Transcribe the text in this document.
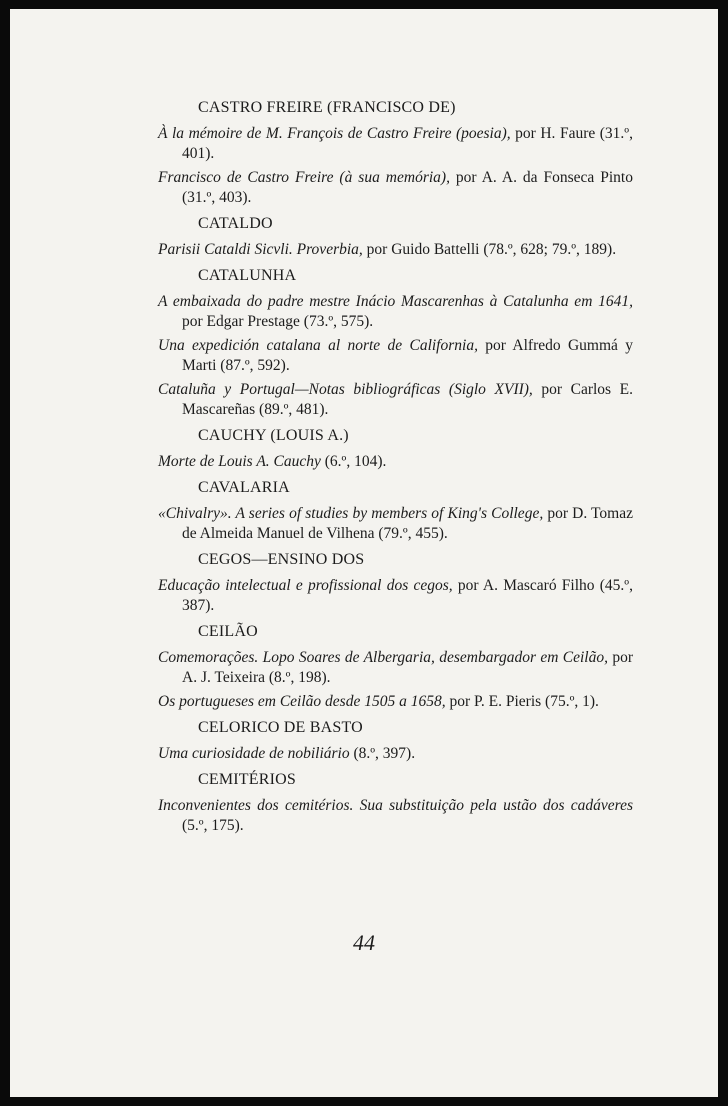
CASTRO FREIRE (FRANCISCO DE)
À la mémoire de M. François de Castro Freire (poesia), por H. Faure (31.º, 401).
Francisco de Castro Freire (à sua memória), por A. A. da Fonseca Pinto (31.º, 403).
CATALDO
Parisii Cataldi Sicvli. Proverbia, por Guido Battelli (78.º, 628; 79.º, 189).
CATALUNHA
A embaixada do padre mestre Inácio Mascarenhas à Catalunha em 1641, por Edgar Prestage (73.º, 575).
Una expedición catalana al norte de California, por Alfredo Gummá y Marti (87.º, 592).
Cataluña y Portugal—Notas bibliográficas (Siglo XVII), por Carlos E. Mascareñas (89.º, 481).
CAUCHY (LOUIS A.)
Morte de Louis A. Cauchy (6.º, 104).
CAVALARIA
«Chivalry». A series of studies by members of King's College, por D. Tomaz de Almeida Manuel de Vilhena (79.º, 455).
CEGOS—ENSINO DOS
Educação intelectual e profissional dos cegos, por A. Mascaró Filho (45.º, 387).
CEILÃO
Comemorações. Lopo Soares de Albergaria, desembargador em Ceilão, por A. J. Teixeira (8.º, 198).
Os portugueses em Ceilão desde 1505 a 1658, por P. E. Pieris (75.º, 1).
CELORICO DE BASTO
Uma curiosidade de nobiliário (8.º, 397).
CEMITÉRIOS
Inconvenientes dos cemitérios. Sua substituição pela ustão dos cadáveres (5.º, 175).
44
